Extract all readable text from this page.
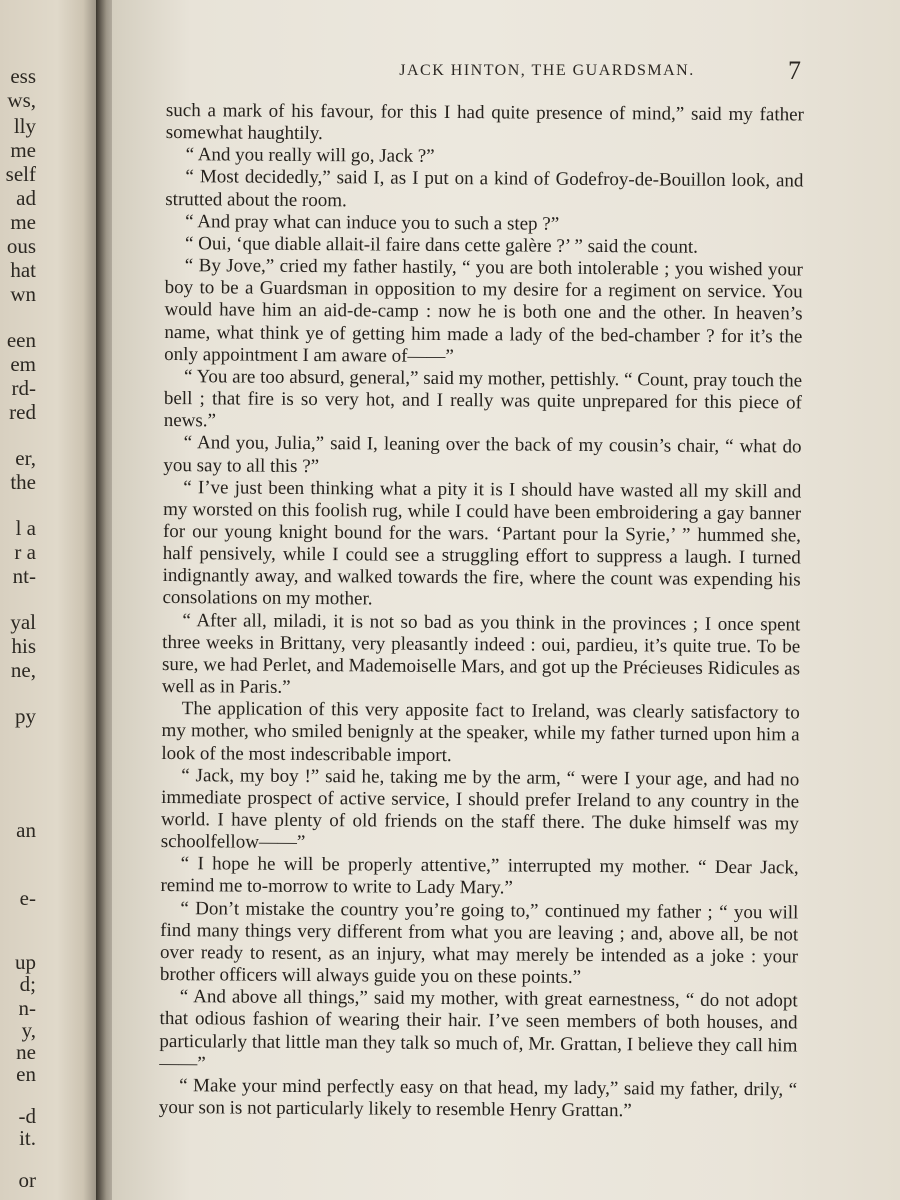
ess
ws,
lly
me
self
ad
me
ous
hat
wn
een
em
rd-
red
er,
the
l a
r a
nt-
yal
his
ne,
py
an
e-
up
d;
n-
y,
ne
en
-d
it.
or
JACK HINTON, THE GUARDSMAN.	7

such a mark of his favour, for this I had quite presence of mind,” said my father somewhat haughtily.

“ And you really will go, Jack ?”

“ Most decidedly,” said I, as I put on a kind of Godefroy-de-Bouillon look, and strutted about the room.

“ And pray what can induce you to such a step ?”

“ Oui, ‘que diable allait-il faire dans cette galère ?’ ” said the count.

“ By Jove,” cried my father hastily, “ you are both intolerable ; you wished your boy to be a Guardsman in opposition to my desire for a regiment on service. You would have him an aid-de-camp : now he is both one and the other. In heaven’s name, what think ye of getting him made a lady of the bed-chamber ? for it’s the only appointment I am aware of——”

“ You are too absurd, general,” said my mother, pettishly. “ Count, pray touch the bell ; that fire is so very hot, and I really was quite unprepared for this piece of news.”

“ And you, Julia,” said I, leaning over the back of my cousin’s chair, “ what do you say to all this ?”

“ I’ve just been thinking what a pity it is I should have wasted all my skill and my worsted on this foolish rug, while I could have been embroidering a gay banner for our young knight bound for the wars. ‘Partant pour la Syrie,’ ” hummed she, half pensively, while I could see a struggling effort to suppress a laugh. I turned indignantly away, and walked towards the fire, where the count was expending his consolations on my mother.

“ After all, miladi, it is not so bad as you think in the provinces ; I once spent three weeks in Brittany, very pleasantly indeed : oui, pardieu, it’s quite true. To be sure, we had Perlet, and Mademoiselle Mars, and got up the Précieuses Ridicules as well as in Paris.”

The application of this very apposite fact to Ireland, was clearly satisfactory to my mother, who smiled benignly at the speaker, while my father turned upon him a look of the most indescribable import.

“ Jack, my boy !” said he, taking me by the arm, “ were I your age, and had no immediate prospect of active service, I should prefer Ireland to any country in the world. I have plenty of old friends on the staff there. The duke himself was my schoolfellow——”

“ I hope he will be properly attentive,” interrupted my mother. “ Dear Jack, remind me to-morrow to write to Lady Mary.”

“ Don’t mistake the country you’re going to,” continued my father ; “ you will find many things very different from what you are leaving ; and, above all, be not over ready to resent, as an injury, what may merely be intended as a joke : your brother officers will always guide you on these points.”

“ And above all things,” said my mother, with great earnestness, “ do not adopt that odious fashion of wearing their hair. I’ve seen members of both houses, and particularly that little man they talk so much of, Mr. Grattan, I believe they call him——”

“ Make your mind perfectly easy on that head, my lady,” said my father, drily, “ your son is not particularly likely to resemble Henry Grattan.”
